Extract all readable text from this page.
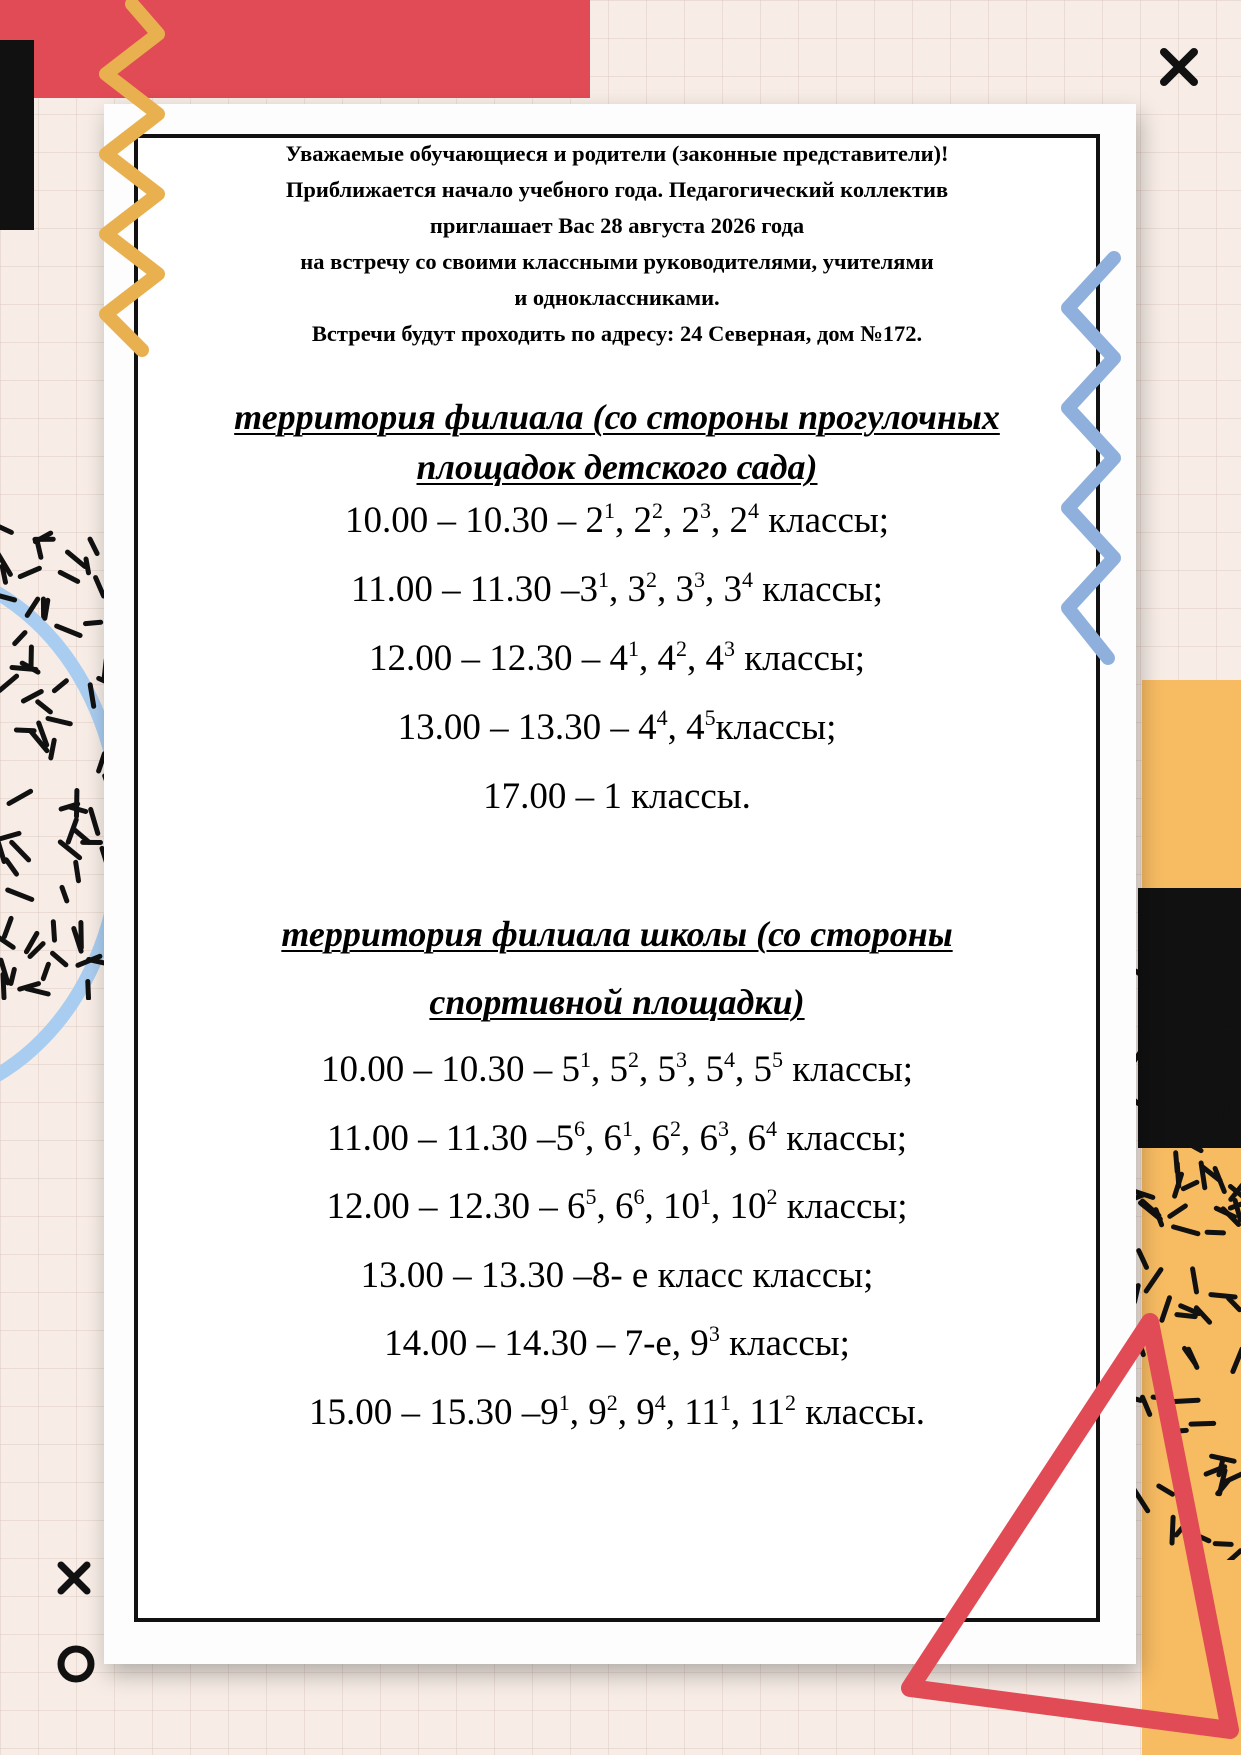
Уважаемые обучающиеся и родители (законные представители)!
Приближается начало учебного года. Педагогический коллектив
приглашает Вас 28 августа 2026 года
на встречу со своими классными руководителями, учителями
и одноклассниками.
Встречи будут проходить по адресу: 24 Северная, дом №172.
территория филиала (со стороны прогулочных
площадок детского сада)
$10.00 - 10.30 - 2^1$, $2^2$, $2^3$, $2^4$ классы;
11.00 – 11.30 $-3^1$, $3^2$, $3^3$, $3^4$ классы;
$12.00 - 12.30 - 4^1$, $4^2$, $4^3$ классы;
$13.00 - 13.30 - 4^4$, $4^5классы$;
17.00 – 1 классы.
территория филиала школы (со стороны
спортивной площадки)
$10.00 - 10.30 - 5^1$, $5^2$, $5^3$, $5^4$, $5^5$ классы;
11.00 – 11.30 $-5^6$, $6^1$, $6^2$, $6^3$, $6^4$ классы;
$12.00 - 12.30 - 6^5$, $6^6$, $10^1$, $10^2$ классы;
13.00 – 13.30 –8- е класс классы;
14.00 – 14.30 – 7-е, $9^3$ классы;
15.00 – 15.30 $-9^1$, $9^2$, $9^4$, $11^1$, $11^2$ классы.
